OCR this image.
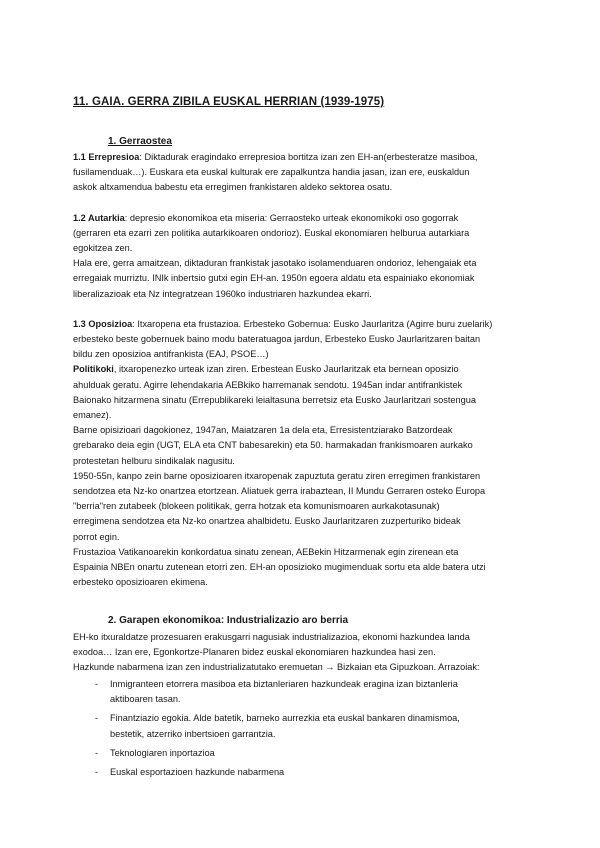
11. GAIA. GERRA ZIBILA EUSKAL HERRIAN (1939-1975)
1. Gerraostea

1.1 Errepresioa: Diktadurak eragindako errepresioa bortitza izan zen EH-an(erbesteratze masiboa,

fusilamenduak…). Euskara eta euskal kulturak ere zapalkuntza handia jasan, izan ere, euskaldun

askok altxamendua babestu eta erregimen frankistaren aldeko sektorea osatu.

1.2 Autarkia: depresio ekonomikoa eta miseria: Gerraosteko urteak ekonomikoki oso gogorrak

(gerraren eta ezarri zen politika autarkikoaren ondorioz). Euskal ekonomiaren helburua autarkiara

egokitzea zen.

Hala ere, gerra amaitzean, diktaduran frankistak jasotako isolamenduaren ondorioz, lehengaiak eta

erregaiak murriztu. INIk inbertsio gutxi egin EH-an. 1950n egoera aldatu eta espainiako ekonomiak

liberalizazioak eta Nz integratzean 1960ko industriaren hazkundea ekarri.

1.3 Oposizioa: Itxaropena eta frustazioa. Erbesteko Gobernua: Eusko Jaurlaritza (Agirre buru zuelarik)

erbesteko beste gobernuek baino modu bateratuagoa jardun, Erbesteko Eusko Jaurlaritzaren baitan

bildu zen oposizioa antifrankista (EAJ, PSOE…)

Politikoki, itxaropenezko urteak izan ziren. Erbestean Eusko Jaurlaritzak eta bernean oposizio

ahulduak geratu. Agirre lehendakaria AEBkiko harremanak sendotu. 1945an indar antifrankistek

Baionako hitzarmena sinatu (Errepublikareki leialtasuna berretsiz eta Eusko Jaurlaritzari sostengua

emanez).

Barne opisizioari dagokionez, 1947an, Maiatzaren 1a dela eta, Erresistentziarako Batzordeak

grebarako deia egin (UGT, ELA eta CNT babesarekin) eta 50. harmakadan frankismoaren aurkako

protestetan helburu sindikalak nagusitu.

1950-55n, kanpo zein barne oposizioaren itxaropenak zapuztuta geratu ziren erregimen frankistaren

sendotzea eta Nz-ko onartzea etortzean. Aliatuek gerra irabaztean, II Mundu Gerraren osteko Europa

"berria"ren zutabeek (blokeen politikak, gerra hotzak eta komunismoaren aurkakotasunak)

erregimena sendotzea eta Nz-ko onartzea ahalbidetu. Eusko Jaurlaritzaren zuzperturiko bideak

porrot egin.

Frustazioa Vatikanoarekin konkordatua sinatu zenean, AEBekin Hitzarmenak egin zirenean eta

Espainia NBEn onartu zutenean etorri zen. EH-an oposizioko mugimenduak sortu eta alde batera utzi

erbesteko oposizioaren ekimena.

2. Garapen ekonomikoa: Industrializazio aro berria

EH-ko itxuraldatze prozesuaren erakusgarri nagusiak industrializazioa, ekonomi hazkundea landa

exodoa… Izan ere, Egonkortze-Planaren bidez euskal ekonomiaren hazkundea hasi zen.

Hazkunde nabarmena izan zen industrializatutako eremuetan → Bizkaian eta Gipuzkoan. Arrazoiak:

- Inmigranteen etorrera masiboa eta biztanleriaren hazkundeak eragina izan biztanleria
aktiboaren tasan.
- Finantziazio egokia. Alde batetik, barneko aurrezkia eta euskal bankaren dinamismoa,
bestetik, atzerriko inbertsioen garrantzia.
- Teknologiaren inportazioa
- Euskal esportazioen hazkunde nabarmena
